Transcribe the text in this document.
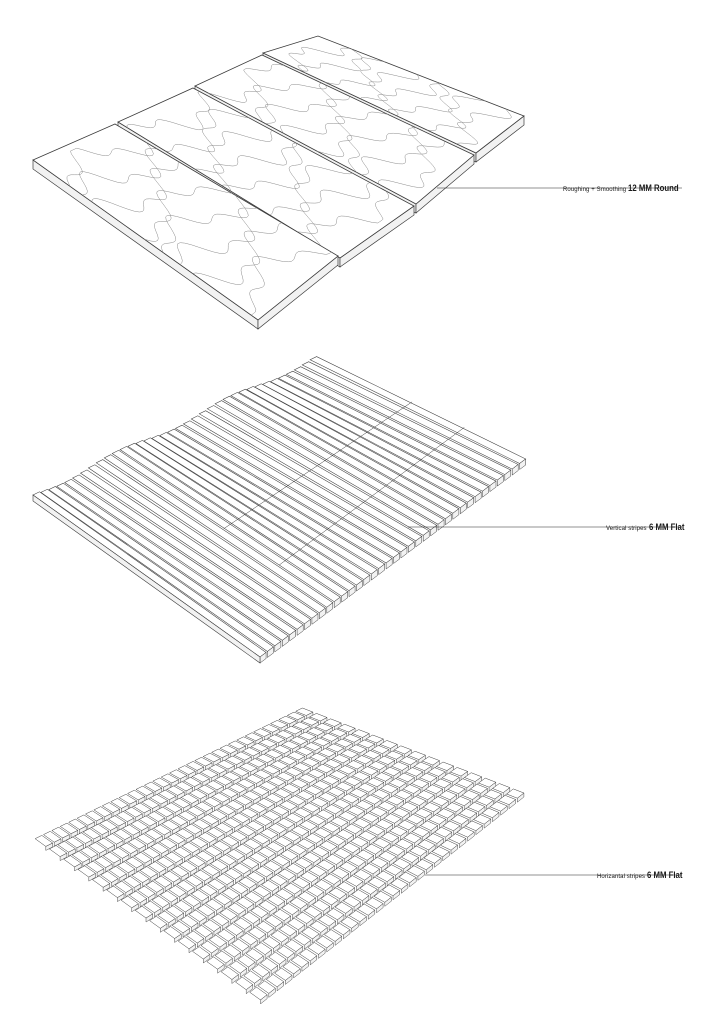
Roughing + Smoothing 12 MM Round
Vertical stripes 6 MM Flat
Horizantal stripes 6 MM Flat
